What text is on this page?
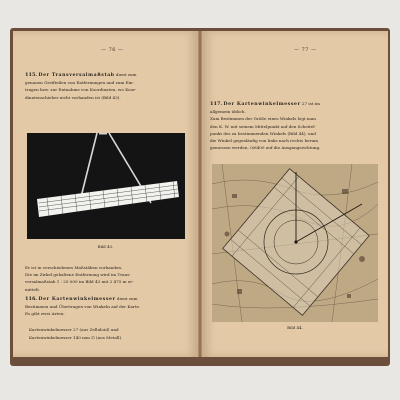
— 76 —
115. Der Transversalmaßstab dient zum
genauen Greifteilen von Entfernungen und zum Ein-
tragen bzw. zur Entnahme von Koordinaten, wo Koor-
dinatenschieber nicht vorhanden ist (Bild 43).
Bild 43.
Er ist in verschiedenen Maßstäben vorhanden.
Die im Zirkel gehaltene Entfernung wird im Trans-
versalmaßstab 1 : 25 000 im Bild 43 mit 2 475 m er-
mittelt.
116. Der Kartenwinkelmesser dient zum
Bestimmen und Übertragen von Winkeln auf der Karte.
Es gibt zwei Arten:
Kartenwinkelmesser 27 (aus Zelluloid) und
Kartenwinkelmesser 140 mm ∅ (aus Metall).
— 77 —
117. Der Kartenwinkelmesser 27 ist im
allgemein üblich.
Zum Bestimmen der Größe eines Winkels legt man
den K. W. mit seinem Mittelpunkt auf den Scheitel-
punkt des zu bestimmenden Winkels (Bild 44), und
die Winkel gegenläufig von links nach rechts herum
gemessen werden, 0/6400 auf die Ausgangsrichtung.
Bild 44.
